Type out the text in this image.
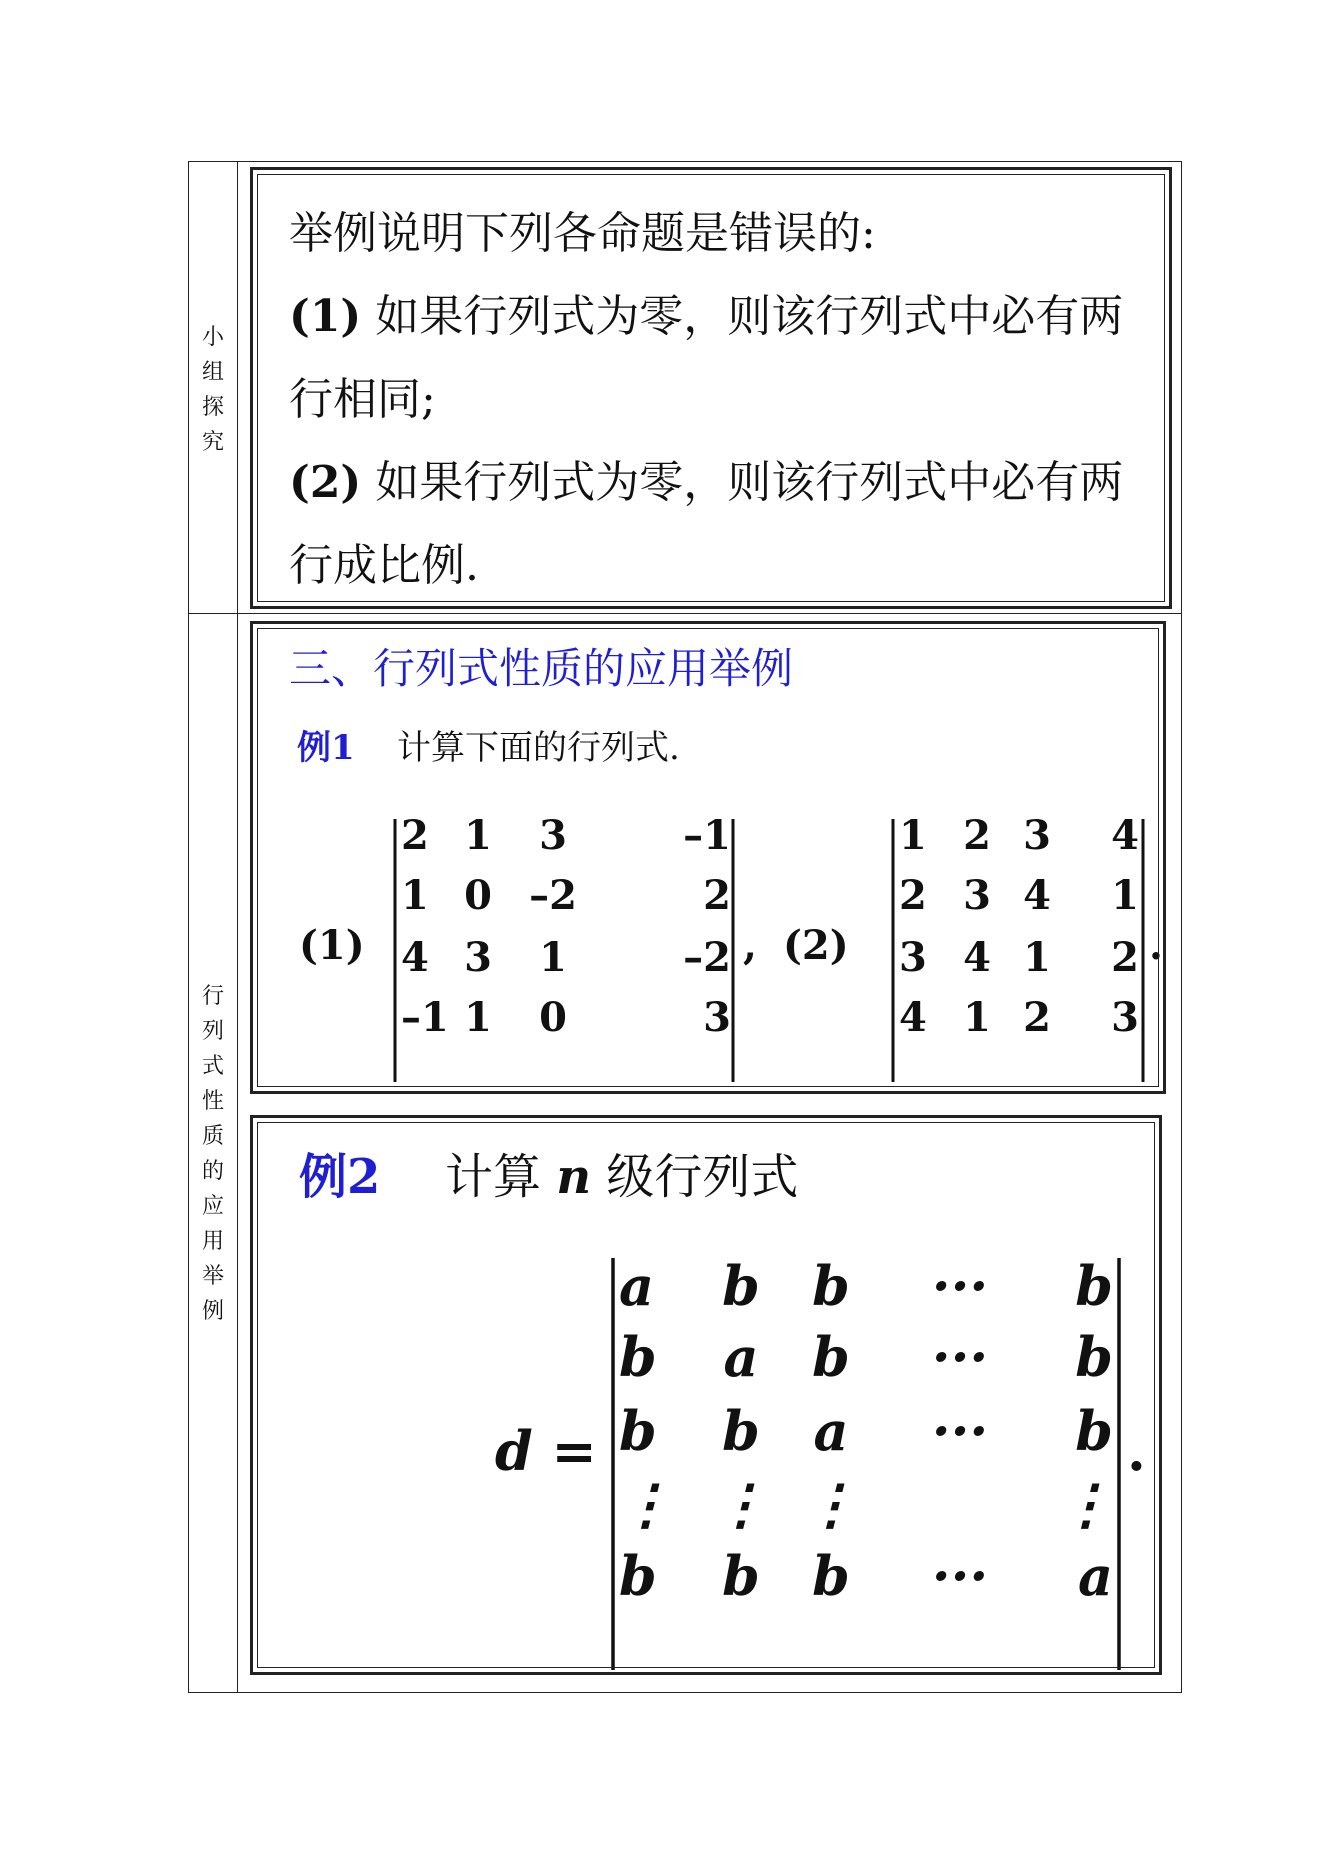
小
组
探
究
行
列
式
性
质
的
应
用
举
例

举例说明下列各命题是错误的:

(1) 如果行列式为零，则该行列式中必有两

行相同;

(2) 如果行列式为零，则该行列式中必有两

行成比例.

三、行列式性质的应用举例
例1 计算下面的行列式.
(1)
2 1 3	–1
1 0 –2	2
4 3 1	–2
–1 1 0	3
, (2)
1 2 3 4
2 3 4 1
3 4 1 2
4 1 2 3
.
例2 计算 n 级行列式
d =
a b b ··· b
b a b ··· b
b b a ··· b
⋮ ⋮ ⋮	⋮
b b b ··· a
.
